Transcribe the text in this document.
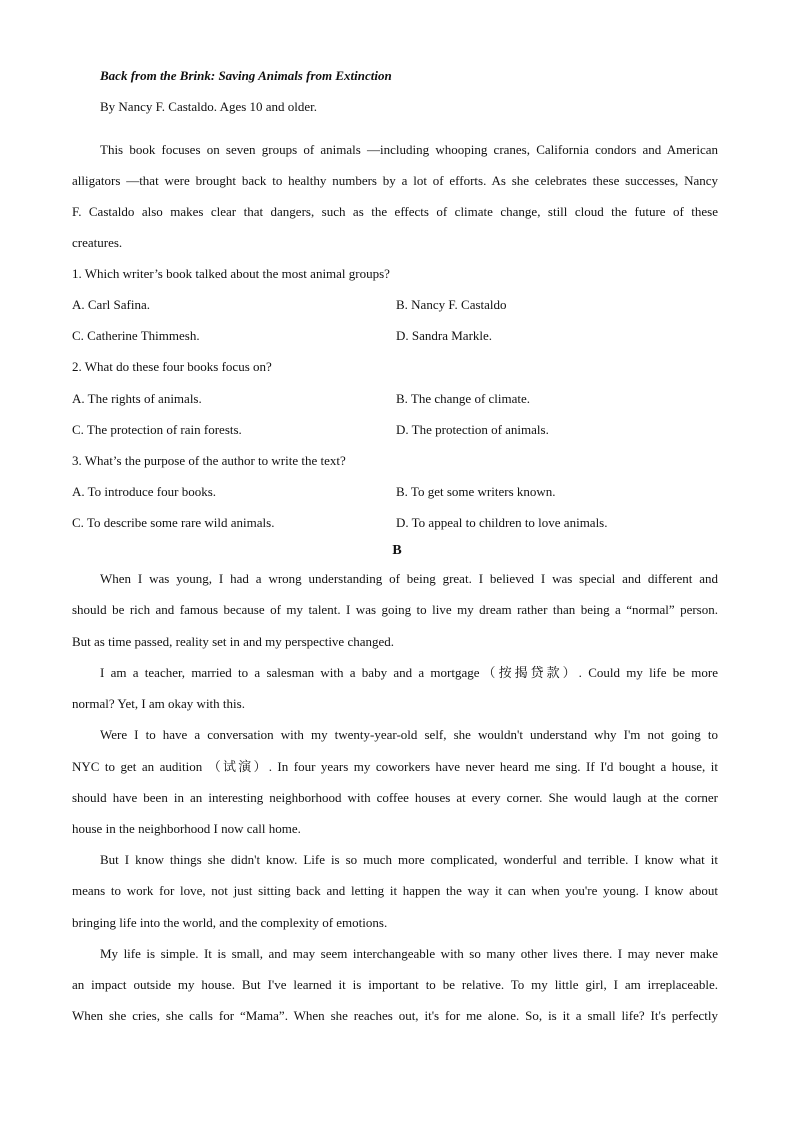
Back from the Brink: Saving Animals from Extinction
By Nancy F. Castaldo. Ages 10 and older.
This book focuses on seven groups of animals —including whooping cranes, California condors and American
alligators —that were brought back to healthy numbers by a lot of efforts. As she celebrates these successes, Nancy
F. Castaldo also makes clear that dangers, such as the effects of climate change, still cloud the future of these
creatures.
1. Which writer’s book talked about the most animal groups?
A. Carl Safina.	B. Nancy F. Castaldo
C. Catherine Thimmesh.	D. Sandra Markle.
2. What do these four books focus on?
A. The rights of animals.	B. The change of climate.
C. The protection of rain forests.	D. The protection of animals.
3. What’s the purpose of the author to write the text?
A. To introduce four books.	B. To get some writers known.
C. To describe some rare wild animals.	D. To appeal to children to love animals.
B
When I was young, I had a wrong understanding of being great. I believed I was special and different and
should be rich and famous because of my talent. I was going to live my dream rather than being a “normal” person.
But as time passed, reality set in and my perspective changed.
I am a teacher, married to a salesman with a baby and a mortgage（按揭贷款）. Could my life be more
normal? Yet, I am okay with this.
Were I to have a conversation with my twenty-year-old self, she wouldn't understand why I'm not going to
NYC to get an audition （试演）. In four years my coworkers have never heard me sing. If I'd bought a house, it
should have been in an interesting neighborhood with coffee houses at every corner. She would laugh at the corner
house in the neighborhood I now call home.
But I know things she didn't know. Life is so much more complicated, wonderful and terrible. I know what it
means to work for love, not just sitting back and letting it happen the way it can when you're young. I know about
bringing life into the world, and the complexity of emotions.
My life is simple. It is small, and may seem interchangeable with so many other lives there. I may never make
an impact outside my house. But I've learned it is important to be relative. To my little girl, I am irreplaceable.
When she cries, she calls for “Mama”. When she reaches out, it's for me alone. So, is it a small life? It's perfectly
